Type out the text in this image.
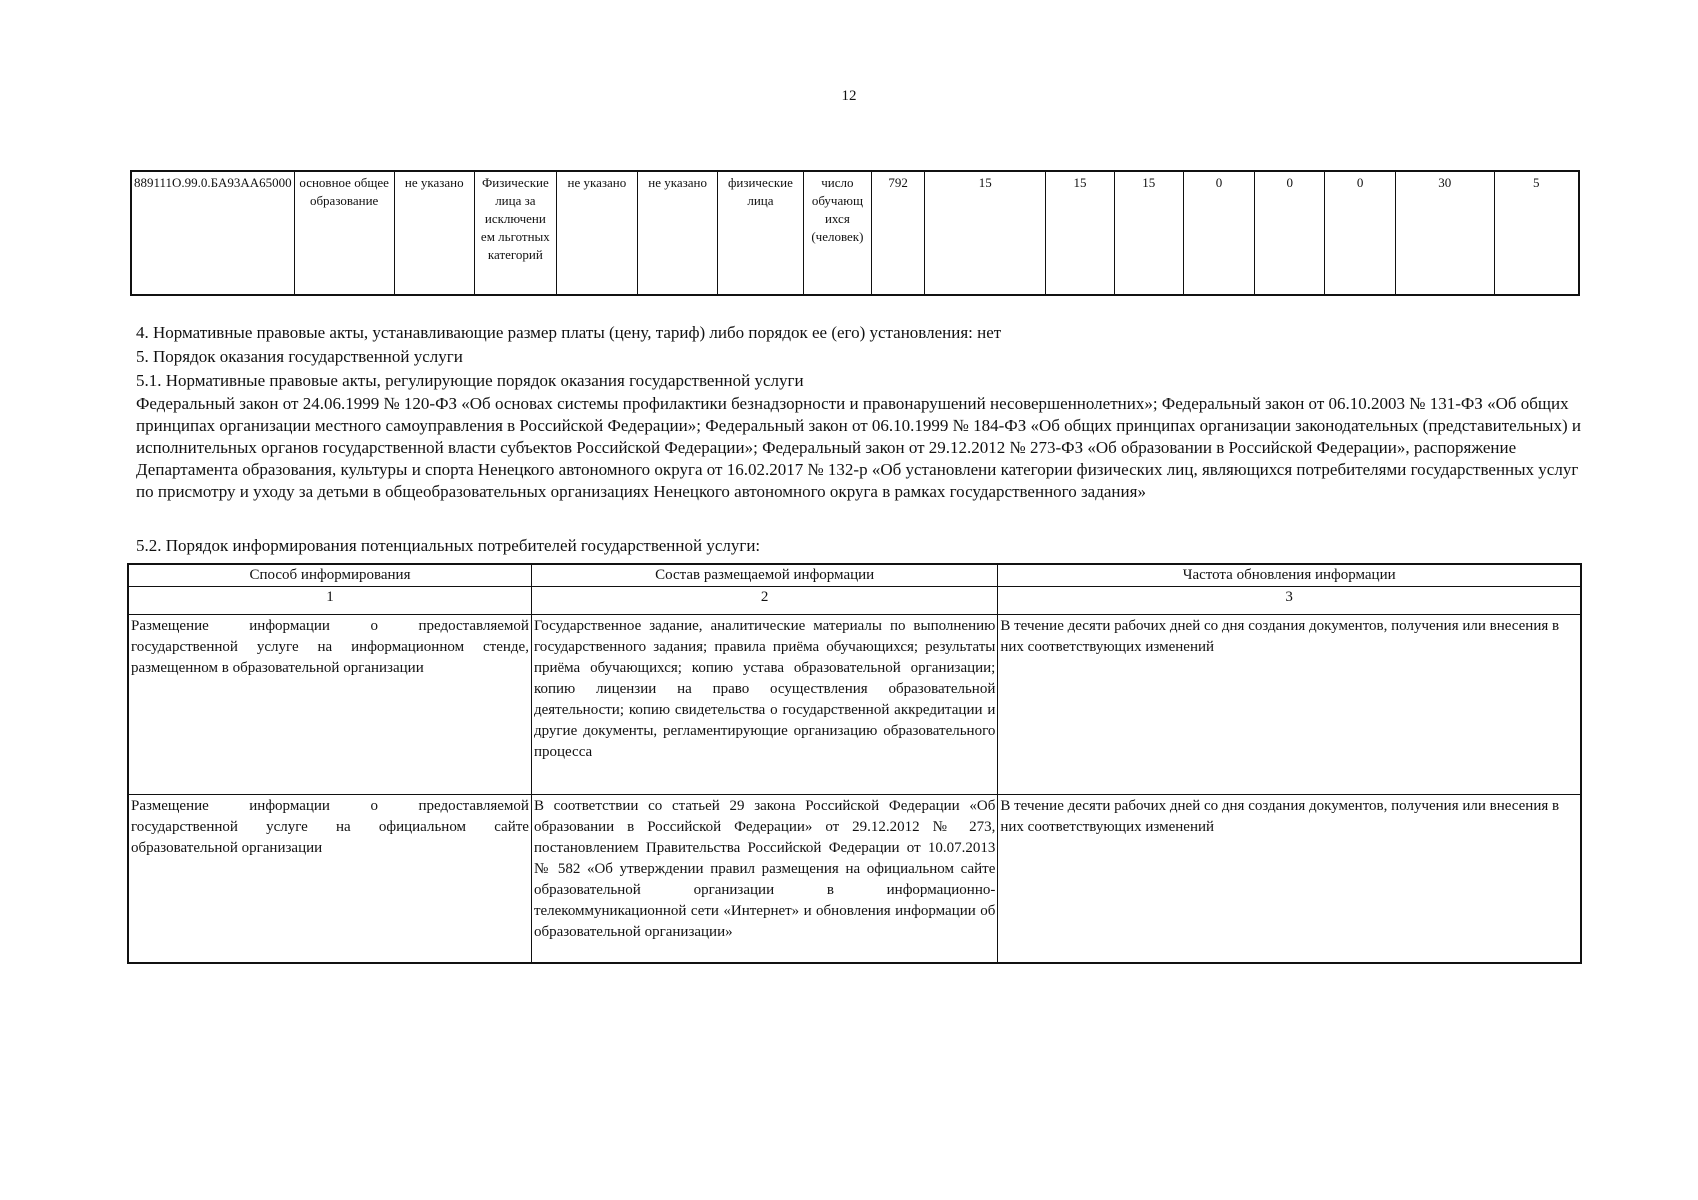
12
889111О.99.0.БА93АА65000	основное общее образование	не указано	Физические лица за исключени ем льготных категорий	не указано	не указано	физические лица	число обучающ ихся (человек)	792	15	15	15	0	0	0	30	5

4. Нормативные правовые акты, устанавливающие размер платы (цену, тариф) либо порядок ее (его) установления: нет

5. Порядок оказания государственной услуги

5.1. Нормативные правовые акты, регулирующие порядок оказания государственной услуги

Федеральный закон от 24.06.1999 № 120-ФЗ «Об основах системы профилактики безнадзорности и правонарушений несовершеннолетних»; Федеральный закон от 06.10.2003 № 131-ФЗ «Об общих принципах организации местного самоуправления в Российской Федерации»; Федеральный закон от 06.10.1999 № 184-ФЗ «Об общих принципах организации законодательных (представительных) и исполнительных органов государственной власти субъектов Российской Федерации»; Федеральный закон от 29.12.2012 № 273-ФЗ «Об образовании в Российской Федерации», распоряжение Департамента образования, культуры и спорта Ненецкого автономного округа от 16.02.2017 № 132-р «Об установлени категории физических лиц, являющихся потребителями государственных услуг по присмотру и уходу за детьми в общеобразовательных организациях Ненецкого автономного округа в рамках государственного задания»

5.2. Порядок информирования потенциальных потребителей государственной услуги:

Способ информирования	Состав размещаемой информации	Частота обновления информации
1	2	3
Размещение информации о предоставляемой государственной услуге на информационном стенде, размещенном в образовательной организации	Государственное задание, аналитические материалы по выполнению государственного задания; правила приёма обучающихся; результаты приёма обучающихся; копию устава образовательной организации; копию лицензии на право осуществления образовательной деятельности; копию свидетельства о государственной аккредитации и другие документы, регламентирующие организацию образовательного процесса	В течение десяти рабочих дней со дня создания документов, получения или внесения в них соответствующих изменений
Размещение информации о предоставляемой государственной услуге на официальном сайте образовательной организации	В соответствии со статьей 29 закона Российской Федерации «Об образовании в Российской Федерации» от 29.12.2012 № 273, постановлением Правительства Российской Федерации от 10.07.2013 № 582 «Об утверждении правил размещения на официальном сайте образовательной организации в информационно-телекоммуникационной сети «Интернет» и обновления информации об образовательной организации»	В течение десяти рабочих дней со дня создания документов, получения или внесения в них соответствующих изменений
